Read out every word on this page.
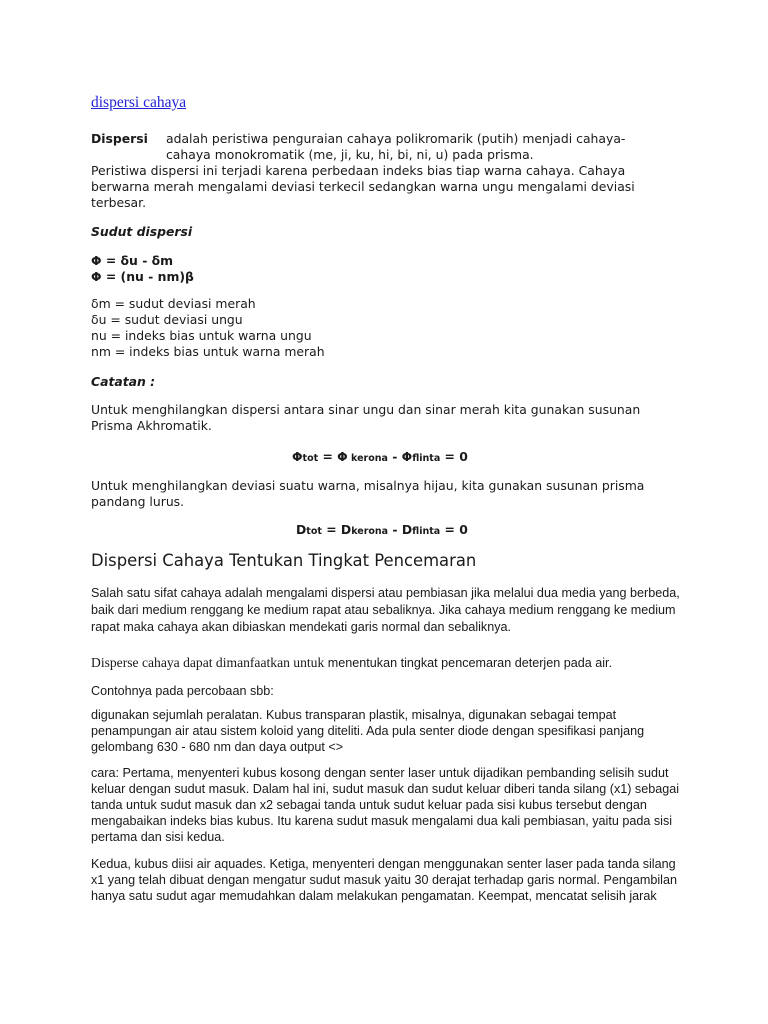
dispersi cahaya
Dispersi adalah peristiwa penguraian cahaya polikromarik (putih) menjadi cahaya-
cahaya monokromatik (me, ji, ku, hi, bi, ni, u) pada prisma.
Peristiwa dispersi ini terjadi karena perbedaan indeks bias tiap warna cahaya. Cahaya
berwarna merah mengalami deviasi terkecil sedangkan warna ungu mengalami deviasi
terbesar.
Sudut dispersi
Φ = δu - δm
Φ = (nu - nm)β
δm = sudut deviasi merah
δu = sudut deviasi ungu
nu = indeks bias untuk warna ungu
nm = indeks bias untuk warna merah
Catatan :
Untuk menghilangkan dispersi antara sinar ungu dan sinar merah kita gunakan susunan
Prisma Akhromatik.
Φtot = Φ kerona - Φflinta = 0
Untuk menghilangkan deviasi suatu warna, misalnya hijau, kita gunakan susunan prisma
pandang lurus.
Dtot = Dkerona - Dflinta = 0
Dispersi Cahaya Tentukan Tingkat Pencemaran
Salah satu sifat cahaya adalah mengalami dispersi atau pembiasan jika melalui dua media yang berbeda,
baik dari medium renggang ke medium rapat atau sebaliknya. Jika cahaya medium renggang ke medium
rapat maka cahaya akan dibiaskan mendekati garis normal dan sebaliknya.
Disperse cahaya dapat dimanfaatkan untuk menentukan tingkat pencemaran deterjen pada air.
Contohnya pada percobaan sbb:
digunakan sejumlah peralatan. Kubus transparan plastik, misalnya, digunakan sebagai tempat
penampungan air atau sistem koloid yang diteliti. Ada pula senter diode dengan spesifikasi panjang
gelombang 630 - 680 nm dan daya output <>
cara: Pertama, menyenteri kubus kosong dengan senter laser untuk dijadikan pembanding selisih sudut
keluar dengan sudut masuk. Dalam hal ini, sudut masuk dan sudut keluar diberi tanda silang (x1) sebagai
tanda untuk sudut masuk dan x2 sebagai tanda untuk sudut keluar pada sisi kubus tersebut dengan
mengabaikan indeks bias kubus. Itu karena sudut masuk mengalami dua kali pembiasan, yaitu pada sisi
pertama dan sisi kedua.
Kedua, kubus diisi air aquades. Ketiga, menyenteri dengan menggunakan senter laser pada tanda silang
x1 yang telah dibuat dengan mengatur sudut masuk yaitu 30 derajat terhadap garis normal. Pengambilan
hanya satu sudut agar memudahkan dalam melakukan pengamatan. Keempat, mencatat selisih jarak
